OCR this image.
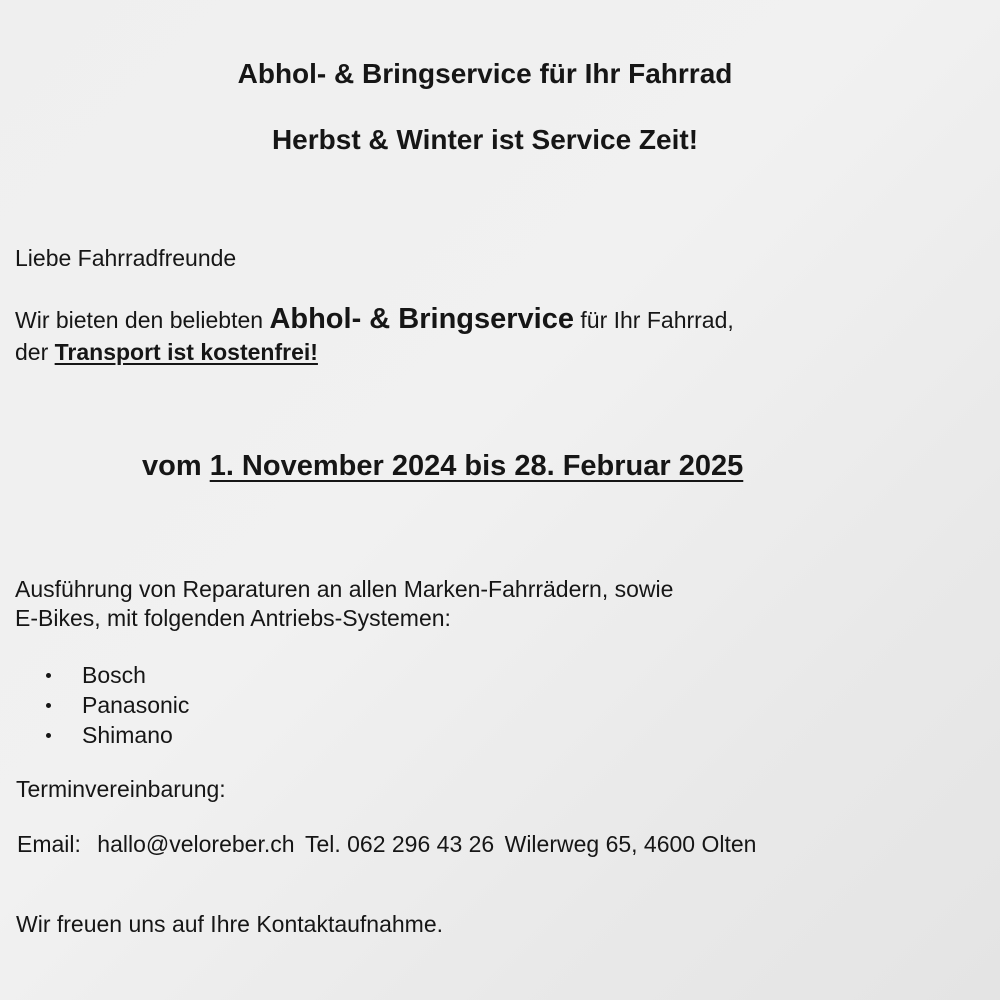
Abhol- & Bringservice für Ihr Fahrrad
Herbst & Winter ist Service Zeit!
Liebe Fahrradfreunde
Wir bieten den beliebten Abhol- & Bringservice für Ihr Fahrrad,
der Transport ist kostenfrei!
vom 1. November 2024 bis 28. Februar 2025
Ausführung von Reparaturen an allen Marken-Fahrrädern, sowie
E-Bikes, mit folgenden Antriebs-Systemen:
Bosch
Panasonic
Shimano
Terminvereinbarung:
Email: hallo@veloreber.ch Tel. 062 296 43 26 Wilerweg 65, 4600 Olten
Wir freuen uns auf Ihre Kontaktaufnahme.
